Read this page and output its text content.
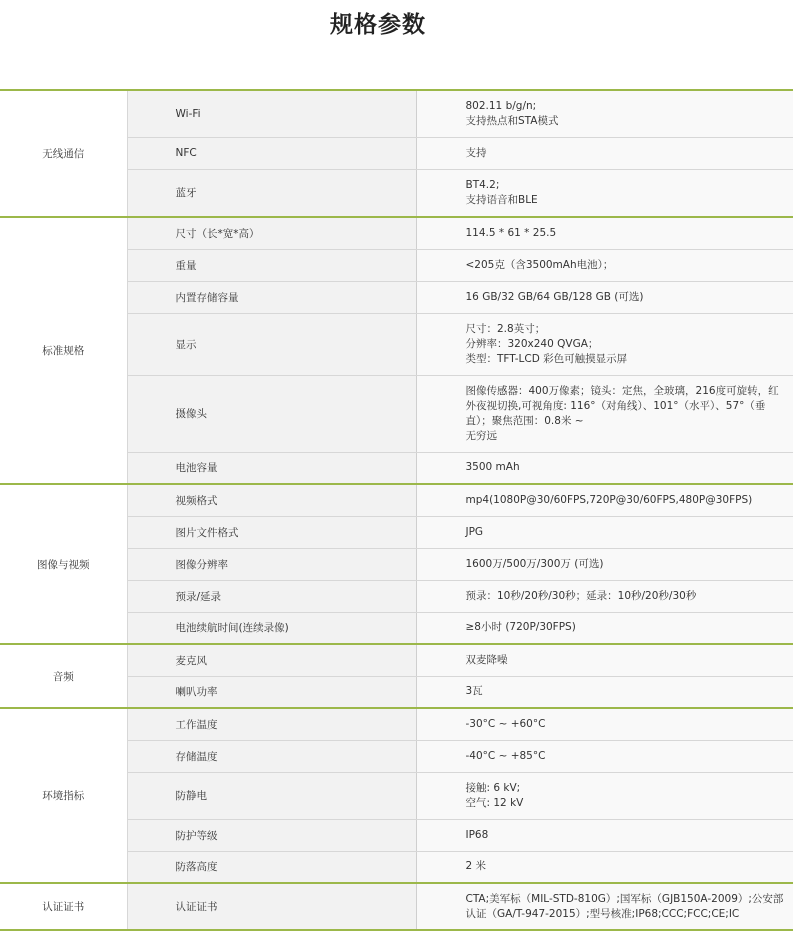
规格参数
无线通信	Wi-Fi	802.11 b/g/n;
支持热点和STA模式

	NFC	支持

	蓝牙	BT4.2;
支持语音和BLE

标准规格	尺寸（长*宽*高）	114.5 * 61 * 25.5

	重量	<205克（含3500mAh电池）；

	内置存储容量	16 GB/32 GB/64 GB/128 GB (可选)

	显示	尺寸：2.8英寸；
分辨率：320x240 QVGA；
类型：TFT-LCD 彩色可触摸显示屏

	摄像头	图像传感器：400万像素；镜头：定焦，全玻璃，216度可旋转，红外夜视切换,可视角度: 116°（对角线）、101°（水平）、57°（垂直）；聚焦范围：0.8米 ~
无穷远

	电池容量	3500 mAh

图像与视频	视频格式	mp4(1080P@30/60FPS,720P@30/60FPS,480P@30FPS)

	图片文件格式	JPG

	图像分辨率	1600万/500万/300万 (可选)

	预录/延录	预录：10秒/20秒/30秒；延录：10秒/20秒/30秒

	电池续航时间(连续录像)	≥8小时 (720P/30FPS)

音频	麦克风	双麦降噪

	喇叭功率	3瓦

环境指标	工作温度	-30°C ~ +60°C

	存储温度	-40°C ~ +85°C

	防静电	接触: 6 kV;
空气: 12 kV

	防护等级	IP68

	防落高度	2 米

认证证书	认证证书	CTA;美军标（MIL-STD-810G）;国军标（GJB150A-2009）;公安部认证（GA/T-947-2015）;型号核准;IP68;CCC;FCC;CE;IC
